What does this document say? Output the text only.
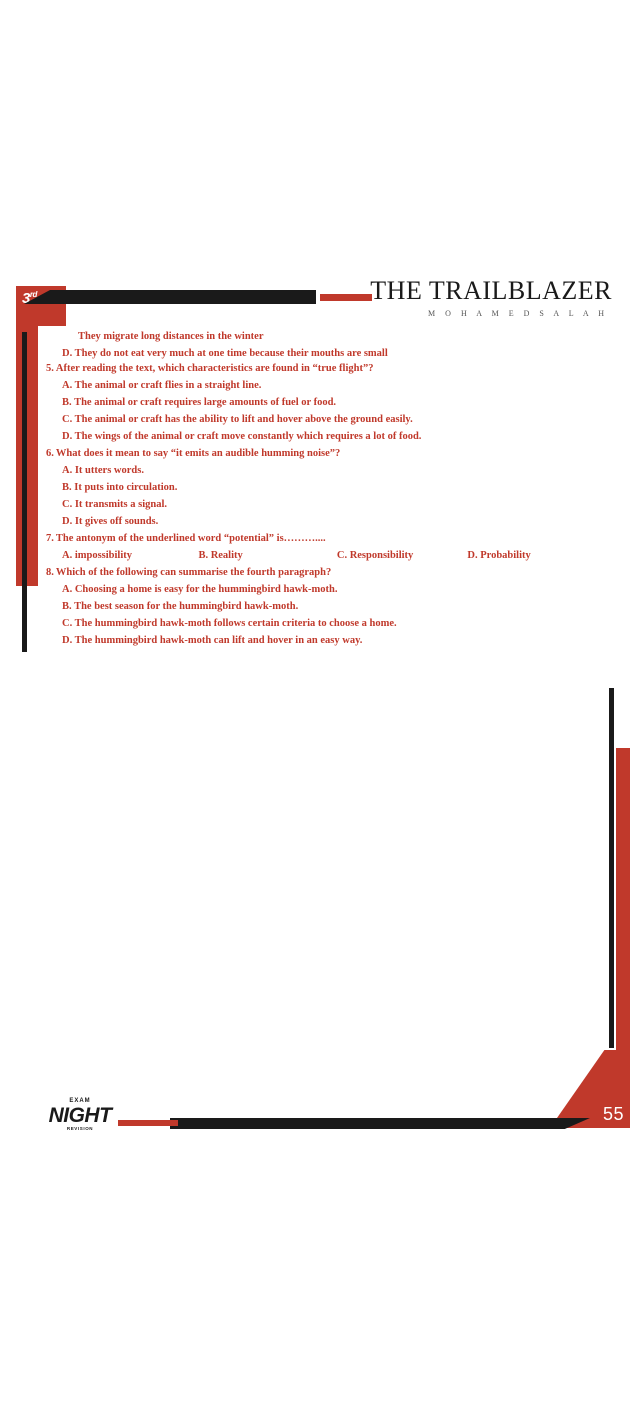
3rd	THE TRAILBLAZER
M O H A M E D S A L A H
55
EXAM
NIGHT
REVISION
They migrate long distances in the winter
D. They do not eat very much at one time because their mouths are small
5. After reading the text, which characteristics are found in “true flight”?
A. The animal or craft flies in a straight line.
B. The animal or craft requires large amounts of fuel or food.
C. The animal or craft has the ability to lift and hover above the ground easily.
D. The wings of the animal or craft move constantly which requires a lot of food.
6. What does it mean to say “it emits an audible humming noise”?
A. It utters words.
B. It puts into circulation.
C. It transmits a signal.
D. It gives off sounds.
7. The antonym of the underlined word “potential” is………....
A. impossibility	B. Reality	C. Responsibility	D. Probability
8. Which of the following can summarise the fourth paragraph?
A. Choosing a home is easy for the hummingbird hawk-moth.
B. The best season for the hummingbird hawk-moth.
C. The hummingbird hawk-moth follows certain criteria to choose a home.
D. The hummingbird hawk-moth can lift and hover in an easy way.
